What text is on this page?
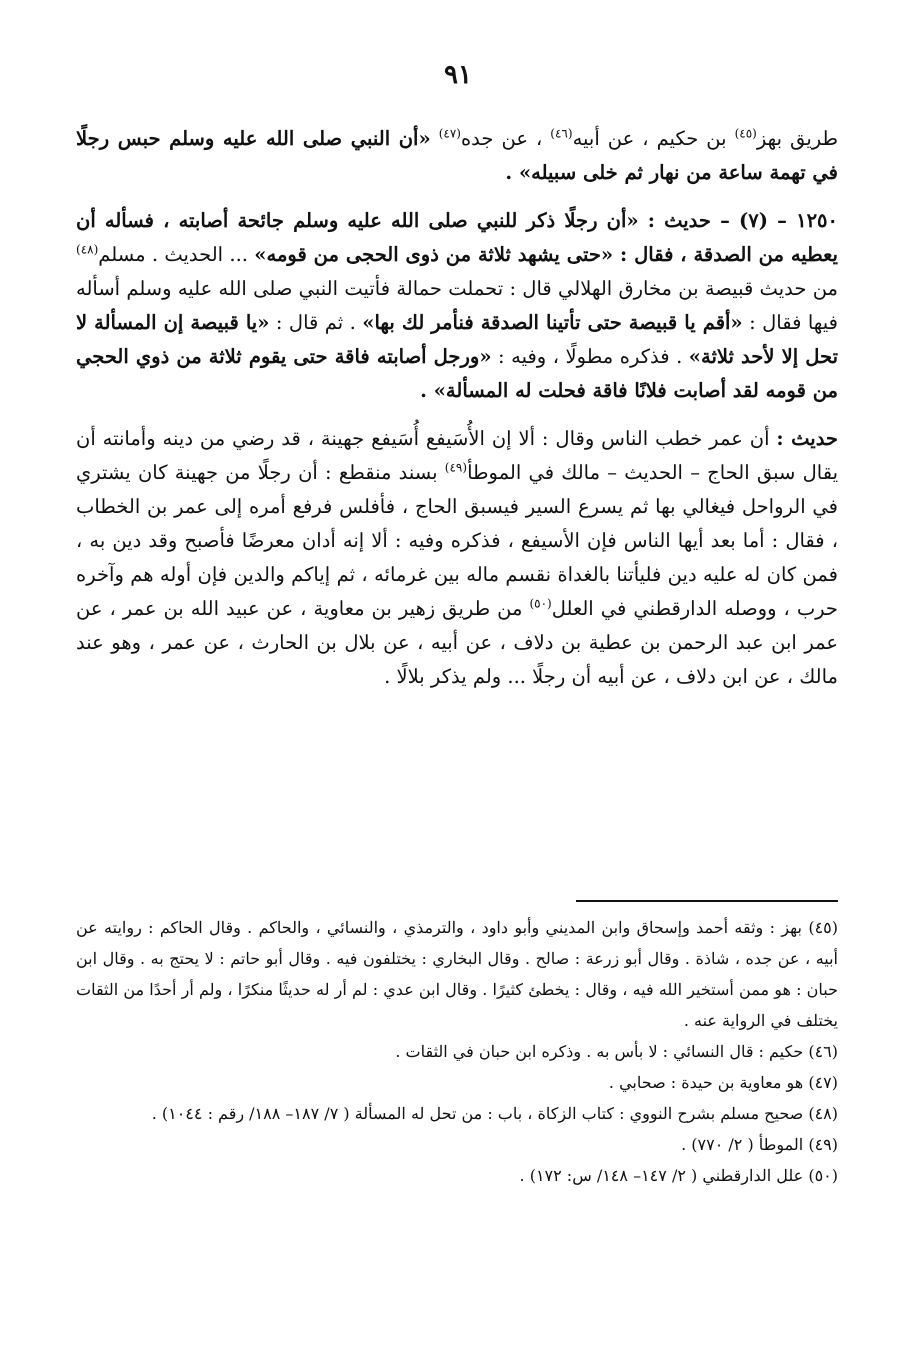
٩١

طريق بهز$^{(٤٥)}$ بن حكيم ، عن أبيه$^{(٤٦)}$ ، عن جده$^{(٤٧)}$ «أن النبي صلى الله عليه وسلم حبس رجلًا في تهمة ساعة من نهار ثم خلى سبيله» .

١٢٥٠ – (٧) – حديث : «أن رجلًا ذكر للنبي صلى الله عليه وسلم جائحة أصابته ، فسأله أن يعطيه من الصدقة ، فقال : «حتى يشهد ثلاثة من ذوى الحجى من قومه» ... الحديث . مسلم$^{(٤٨)}$ من حديث قبيصة بن مخارق الهلالي قال : تحملت حمالة فأتيت النبي صلى الله عليه وسلم أسأله فيها فقال : «أقم يا قبيصة حتى تأتينا الصدقة فنأمر لك بها» . ثم قال : «يا قبيصة إن المسألة لا تحل إلا لأحد ثلاثة» . فذكره مطولًا ، وفيه : «ورجل أصابته فاقة حتى يقوم ثلاثة من ذوي الحجي من قومه لقد أصابت فلانًا فاقة فحلت له المسألة» .

حديث : أن عمر خطب الناس وقال : ألا إن الأُسَيفع أُسَيفع جهينة ، قد رضي من دينه وأمانته أن يقال سبق الحاج – الحديث – مالك في الموطأ$^{(٤٩)}$ بسند منقطع : أن رجلًا من جهينة كان يشتري في الرواحل فيغالي بها ثم يسرع السير فيسبق الحاج ، فأفلس فرفع أمره إلى عمر بن الخطاب ، فقال : أما بعد أيها الناس فإن الأسيفع ، فذكره وفيه : ألا إنه أدان معرضًا فأصبح وقد دين به ، فمن كان له عليه دين فليأتنا بالغداة نقسم ماله بين غرمائه ، ثم إياكم والدين فإن أوله هم وآخره حرب ، ووصله الدارقطني في العلل$^{(٥٠)}$ من طريق زهير بن معاوية ، عن عبيد الله بن عمر ، عن عمر ابن عبد الرحمن بن عطية بن دلاف ، عن أبيه ، عن بلال بن الحارث ، عن عمر ، وهو عند مالك ، عن ابن دلاف ، عن أبيه أن رجلًا ... ولم يذكر بلالًا .

(٤٥) بهز : وثقه أحمد وإسحاق وابن المديني وأبو داود ، والترمذي ، والنسائي ، والحاكم . وقال الحاكم : روايته عن أبيه ، عن جده ، شاذة . وقال أبو زرعة : صالح . وقال البخاري : يختلفون فيه . وقال أبو حاتم : لا يحتج به . وقال ابن حبان : هو ممن أستخير الله فيه ، وقال : يخطئ كثيرًا . وقال ابن عدي : لم أر له حديثًا منكرًا ، ولم أر أحدًا من الثقات يختلف في الرواية عنه .

(٤٦) حكيم : قال النسائي : لا بأس به . وذكره ابن حبان في الثقات .

(٤٧) هو معاوية بن حيدة : صحابي .

(٤٨) صحيح مسلم بشرح النووي : كتاب الزكاة ، باب : من تحل له المسألة ( ٧/ ١٨٧– ١٨٨/ رقم : ١٠٤٤) .

(٤٩) الموطأ ( ٢/ ٧٧٠) .

(٥٠) علل الدارقطني ( ٢/ ١٤٧– ١٤٨/ س: ١٧٢) .
